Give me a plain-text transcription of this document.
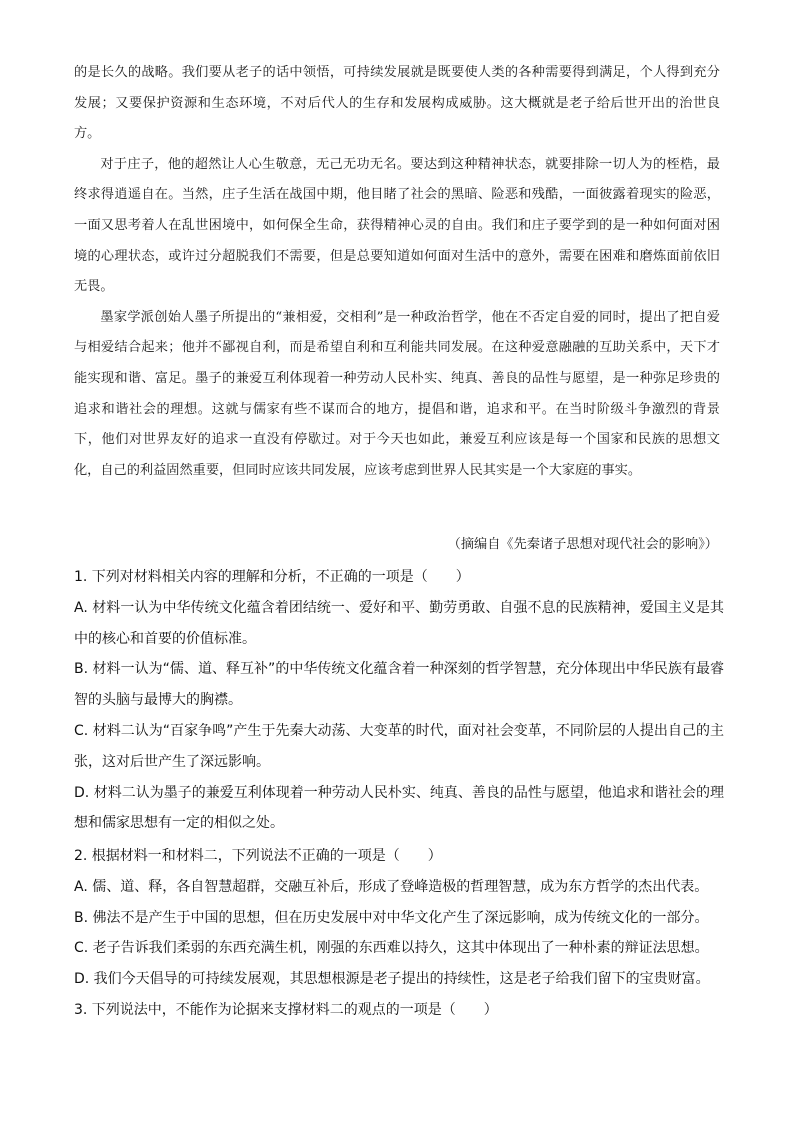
的是长久的战略。我们要从老子的话中领悟，可持续发展就是既要使人类的各种需要得到满足，个人得到充分发展；又要保护资源和生态环境，不对后代人的生存和发展构成威胁。这大概就是老子给后世开出的治世良方。

对于庄子，他的超然让人心生敬意，无己无功无名。要达到这种精神状态，就要排除一切人为的桎梏，最终求得逍遥自在。当然，庄子生活在战国中期，他目睹了社会的黑暗、险恶和残酷，一面彼露着现实的险恶，一面又思考着人在乱世困境中，如何保全生命，获得精神心灵的自由。我们和庄子要学到的是一种如何面对困境的心理状态，或许过分超脱我们不需要，但是总要知道如何面对生活中的意外，需要在困难和磨炼面前依旧无畏。

墨家学派创始人墨子所提出的“兼相爱，交相利”是一种政治哲学，他在不否定自爱的同时，提出了把自爱与相爱结合起来；他并不鄙视自利，而是希望自利和互利能共同发展。在这种爱意融融的互助关系中，天下才能实现和谐、富足。墨子的兼爱互利体现着一种劳动人民朴实、纯真、善良的品性与愿望，是一种弥足珍贵的追求和谐社会的理想。这就与儒家有些不谋而合的地方，提倡和谐，追求和平。在当时阶级斗争激烈的背景下，他们对世界友好的追求一直没有停歇过。对于今天也如此，兼爱互利应该是每一个国家和民族的思想文化，自己的利益固然重要，但同时应该共同发展，应该考虑到世界人民其实是一个大家庭的事实。

（摘编自《先秦诸子思想对现代社会的影响》）
1. 下列对材料相关内容的理解和分析，不正确的一项是（　　）
A. 材料一认为中华传统文化蕴含着团结统一、爱好和平、勤劳勇敢、自强不息的民族精神，爱国主义是其中的核心和首要的价值标准。
B. 材料一认为“儒、道、释互补”的中华传统文化蕴含着一种深刻的哲学智慧，充分体现出中华民族有最睿智的头脑与最博大的胸襟。
C. 材料二认为“百家争鸣”产生于先秦大动荡、大变革的时代，面对社会变革，不同阶层的人提出自己的主张，这对后世产生了深远影响。
D. 材料二认为墨子的兼爱互利体现着一种劳动人民朴实、纯真、善良的品性与愿望，他追求和谐社会的理想和儒家思想有一定的相似之处。
2. 根据材料一和材料二，下列说法不正确的一项是（　　）
A. 儒、道、释，各自智慧超群，交融互补后，形成了登峰造极的哲理智慧，成为东方哲学的杰出代表。
B. 佛法不是产生于中国的思想，但在历史发展中对中华文化产生了深远影响，成为传统文化的一部分。
C. 老子告诉我们柔弱的东西充满生机，刚强的东西难以持久，这其中体现出了一种朴素的辩证法思想。
D. 我们今天倡导的可持续发展观，其思想根源是老子提出的持续性，这是老子给我们留下的宝贵财富。
3. 下列说法中，不能作为论据来支撑材料二的观点的一项是（　　）
